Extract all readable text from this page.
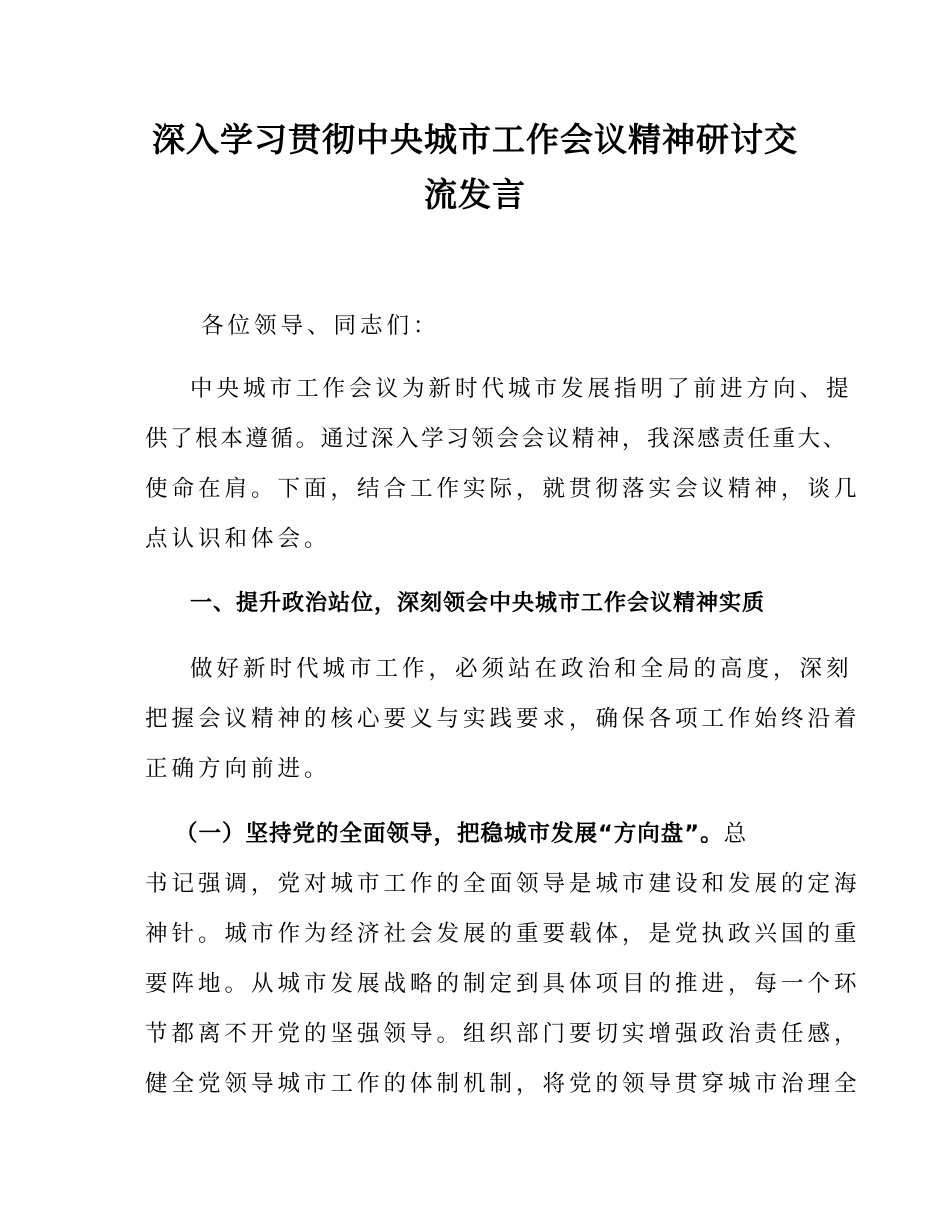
深入学习贯彻中央城市工作会议精神研讨交
流发言

各位领导、同志们：

中央城市工作会议为新时代城市发展指明了前进方向、提

供了根本遵循。通过深入学习领会会议精神，我深感责任重大、

使命在肩。下面，结合工作实际，就贯彻落实会议精神，谈几

点认识和体会。

一、提升政治站位，深刻领会中央城市工作会议精神实质

做好新时代城市工作，必须站在政治和全局的高度，深刻

把握会议精神的核心要义与实践要求，确保各项工作始终沿着

正确方向前进。

（一）坚持党的全面领导，把稳城市发展“方向盘”。总

书记强调，党对城市工作的全面领导是城市建设和发展的定海

神针。城市作为经济社会发展的重要载体，是党执政兴国的重

要阵地。从城市发展战略的制定到具体项目的推进，每一个环

节都离不开党的坚强领导。组织部门要切实增强政治责任感，

健全党领导城市工作的体制机制，将党的领导贯穿城市治理全
